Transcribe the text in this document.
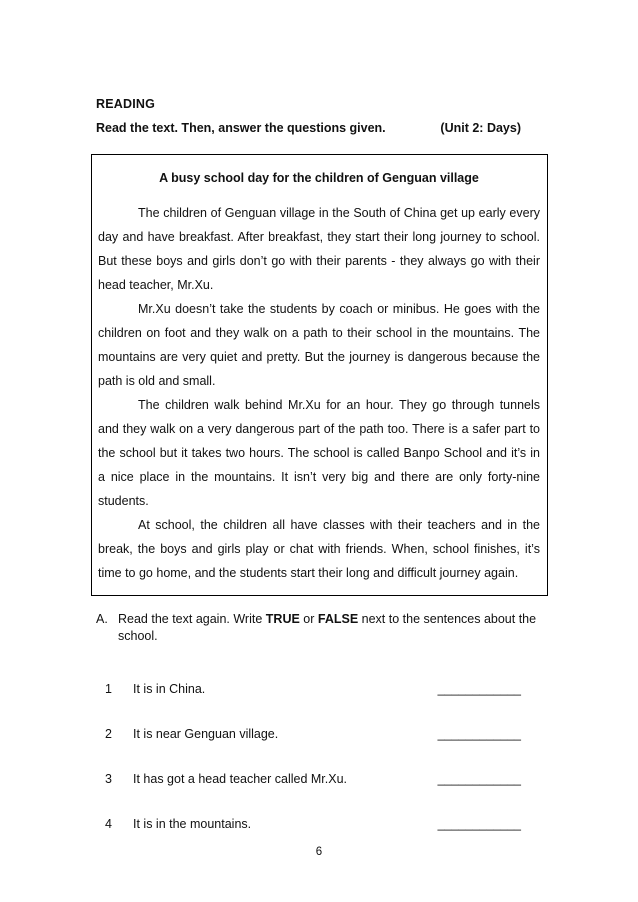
READING
Read the text. Then, answer the questions given.	(Unit 2: Days)
A busy school day for the children of Genguan village

The children of Genguan village in the South of China get up early every day and have breakfast. After breakfast, they start their long journey to school. But these boys and girls don’t go with their parents - they always go with their head teacher, Mr.Xu.

Mr.Xu doesn’t take the students by coach or minibus. He goes with the children on foot and they walk on a path to their school in the mountains. The mountains are very quiet and pretty. But the journey is dangerous because the path is old and small.

The children walk behind Mr.Xu for an hour. They go through tunnels and they walk on a very dangerous part of the path too. There is a safer part to the school but it takes two hours. The school is called Banpo School and it’s in a nice place in the mountains. It isn’t very big and there are only forty-nine students.

At school, the children all have classes with their teachers and in the break, the boys and girls play or chat with friends. When, school finishes, it’s time to go home, and the students start their long and difficult journey again.

A. Read the text again. Write TRUE or FALSE next to the sentences about the school.
1	It is in China.	____________
2	It is near Genguan village.	____________
3	It has got a head teacher called Mr.Xu.	____________
4	It is in the mountains.	____________
6
